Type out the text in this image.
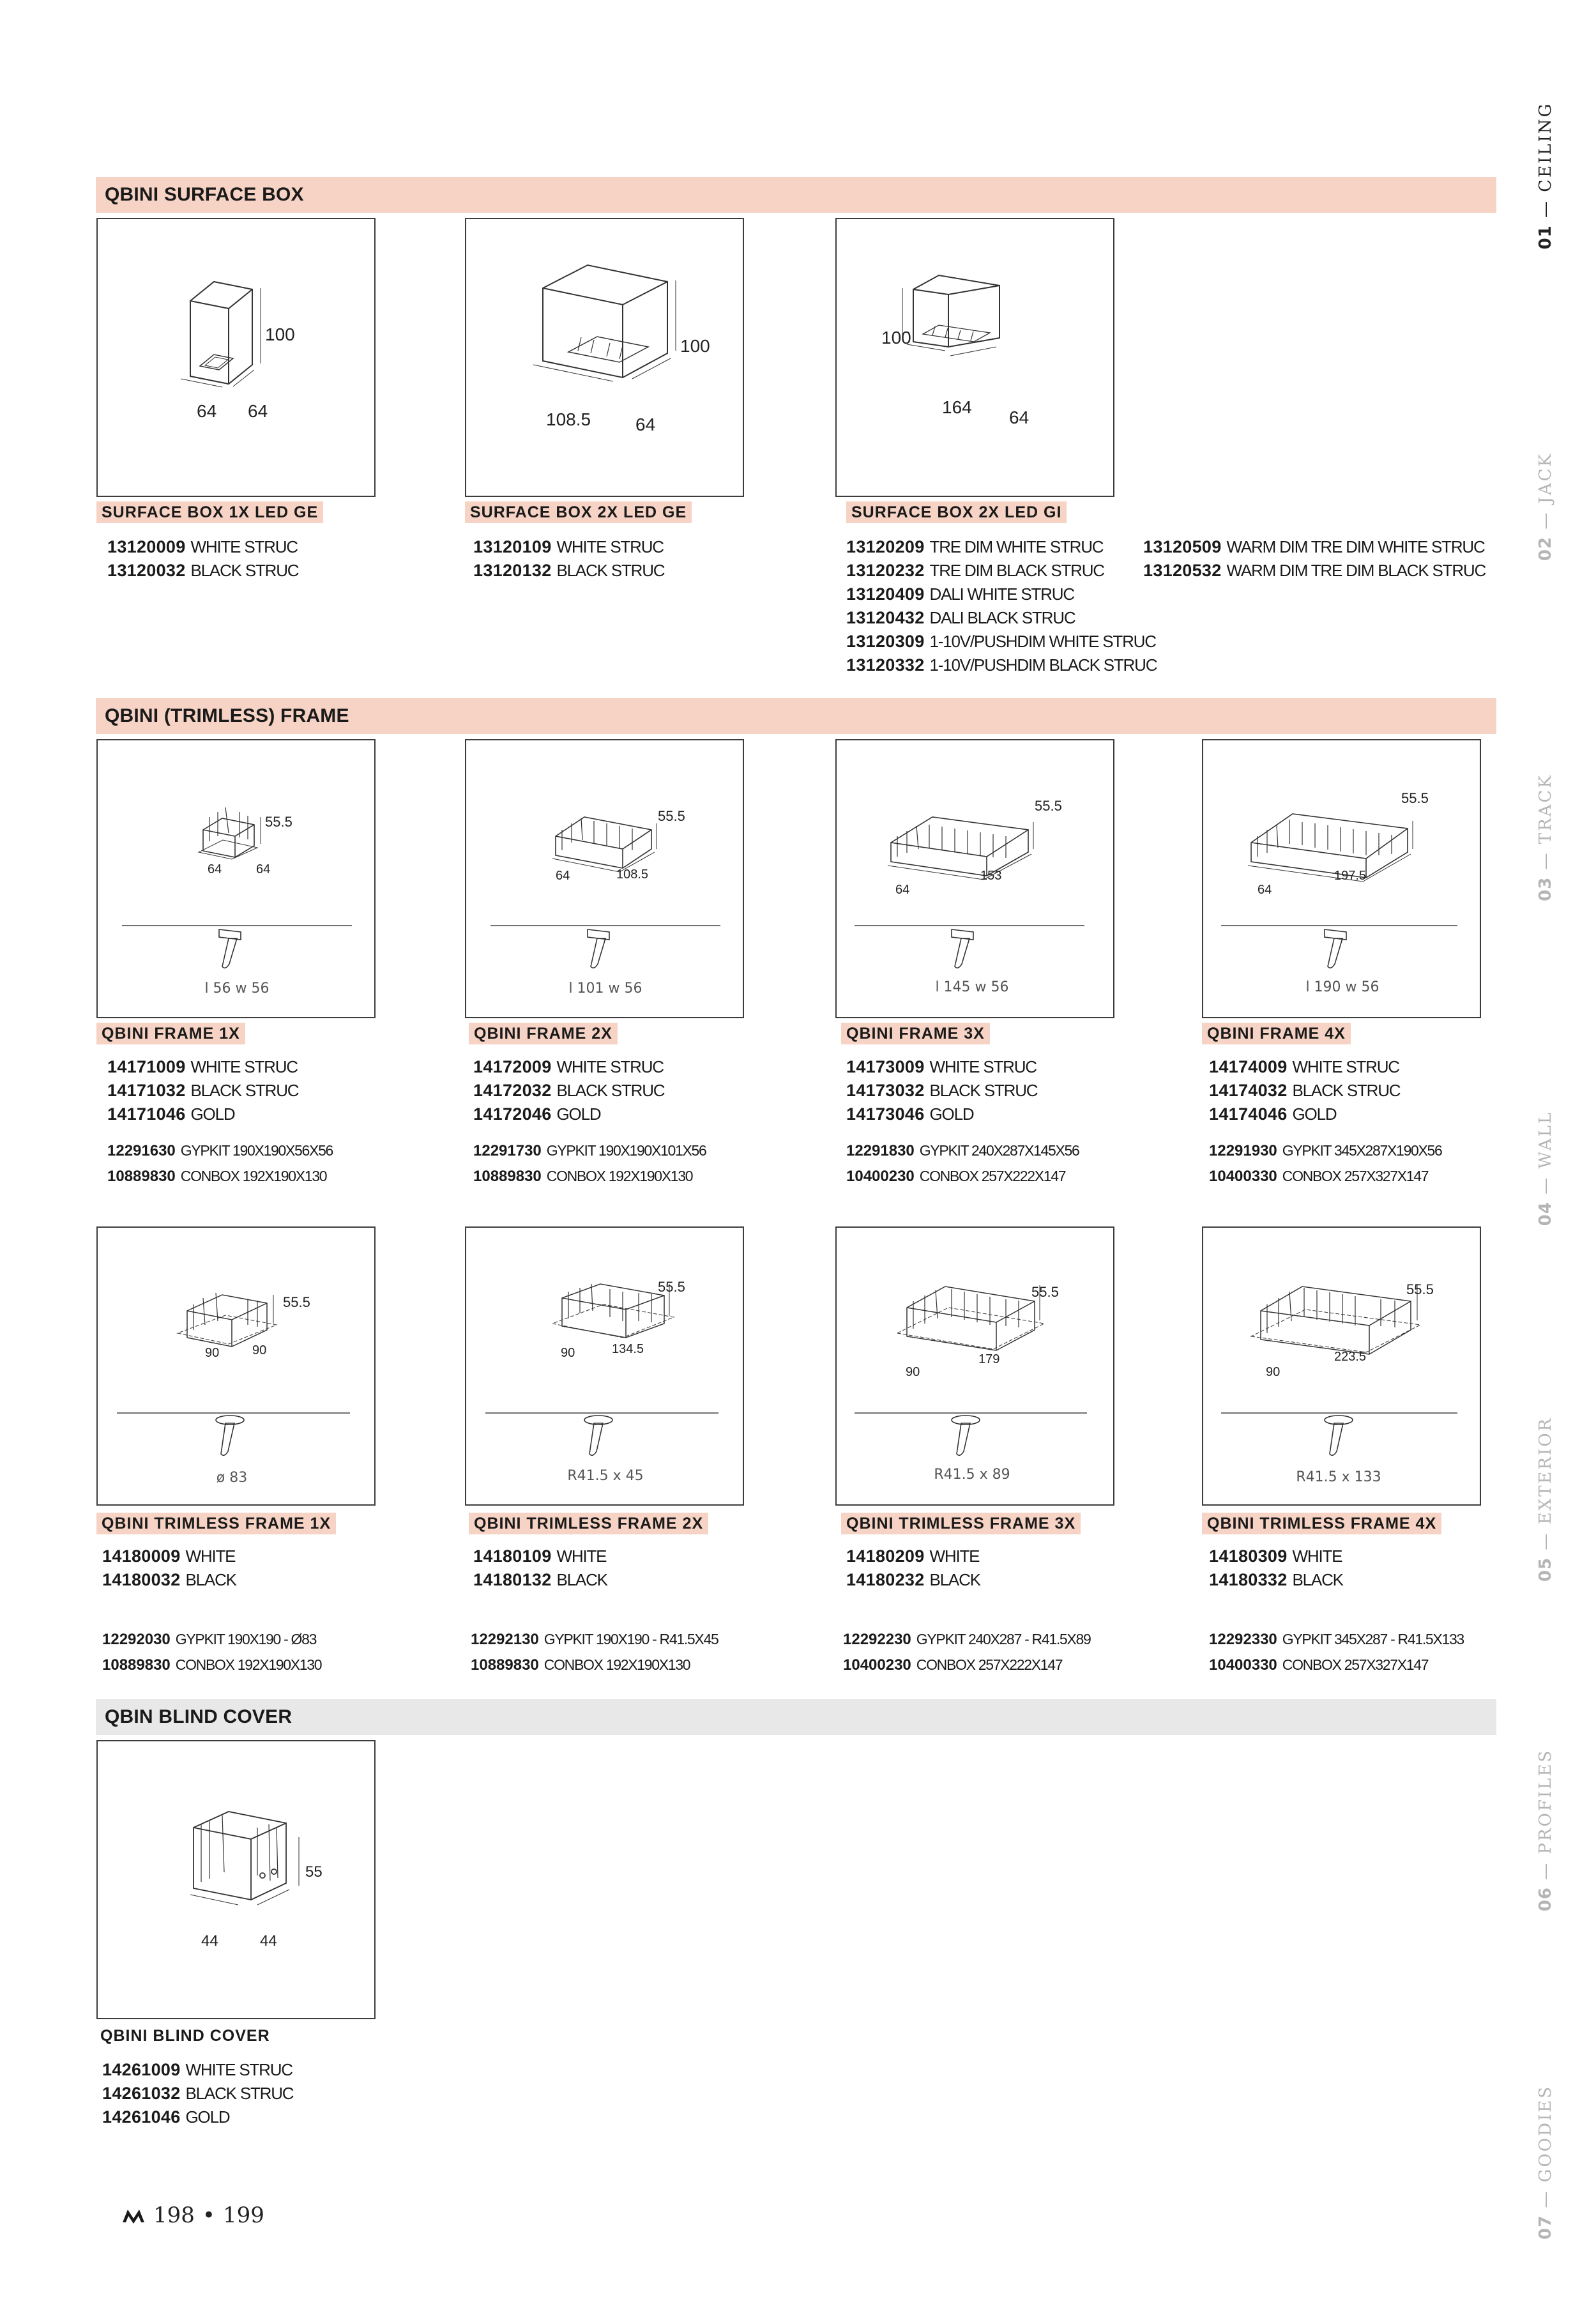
QBINI SURFACE BOX
100
64 64
SURFACE BOX 1X LED GE
13120009 WHITE STRUC
13120032 BLACK STRUC
100
108.5 64
SURFACE BOX 2X LED GE
13120109 WHITE STRUC
13120132 BLACK STRUC
100
164
64
SURFACE BOX 2X LED GI
13120209 TRE DIM WHITE STRUC
13120232 TRE DIM BLACK STRUC
13120409 DALI WHITE STRUC
13120432 DALI BLACK STRUC
13120309 1-10V/PUSHDIM WHITE STRUC
13120332 1-10V/PUSHDIM BLACK STRUC
13120509 WARM DIM TRE DIM WHITE STRUC
13120532 WARM DIM TRE DIM BLACK STRUC
QBINI (TRIMLESS) FRAME
55.5
64	64
l 56 w 56
55.5
64	108.5
l 101 w 56
55.5
64
153
l 145 w 56
55.5
64
197.5
l 190 w 56
QBINI FRAME 1X	QBINI FRAME 2X	QBINI FRAME 3X	QBINI FRAME 4X
14171009 WHITE STRUC
14171032 BLACK STRUC
14171046 GOLD
14172009 WHITE STRUC
14172032 BLACK STRUC
14172046 GOLD
14173009 WHITE STRUC
14173032 BLACK STRUC
14173046 GOLD
14174009 WHITE STRUC
14174032 BLACK STRUC
14174046 GOLD
12291630 GYPKIT 190X190X56X56
10889830 CONBOX 192X190X130
12291730 GYPKIT 190X190X101X56
10889830 CONBOX 192X190X130
12291830 GYPKIT 240X287X145X56
10400230 CONBOX 257X222X147
12291930 GYPKIT 345X287X190X56
10400330 CONBOX 257X327X147
55.5
90	90
ø 83
55.5
90	134.5
R41.5 x 45
55.5
90
179
R41.5 x 89
55.5
90
223.5
R41.5 x 133
QBINI TRIMLESS FRAME 1X	QBINI TRIMLESS FRAME 2X	QBINI TRIMLESS FRAME 3X	QBINI TRIMLESS FRAME 4X
14180009 WHITE
14180032 BLACK
14180109 WHITE
14180132 BLACK
14180209 WHITE
14180232 BLACK
14180309 WHITE
14180332 BLACK
12292030 GYPKIT 190X190 - Ø83
10889830 CONBOX 192X190X130
12292130 GYPKIT 190X190 - R41.5X45
10889830 CONBOX 192X190X130
12292230 GYPKIT 240X287 - R41.5X89
10400230 CONBOX 257X222X147
12292330 GYPKIT 345X287 - R41.5X133
10400330 CONBOX 257X327X147
QBIN BLIND COVER
55
44	44
QBINI BLIND COVER
14261009 WHITE STRUC
14261032 BLACK STRUC
14261046 GOLD
198 • 199
01 — CEILING
02 — JACK
03 — TRACK
04 — WALL
05 — EXTERIOR
06 — PROFILES
07 — GOODIES
